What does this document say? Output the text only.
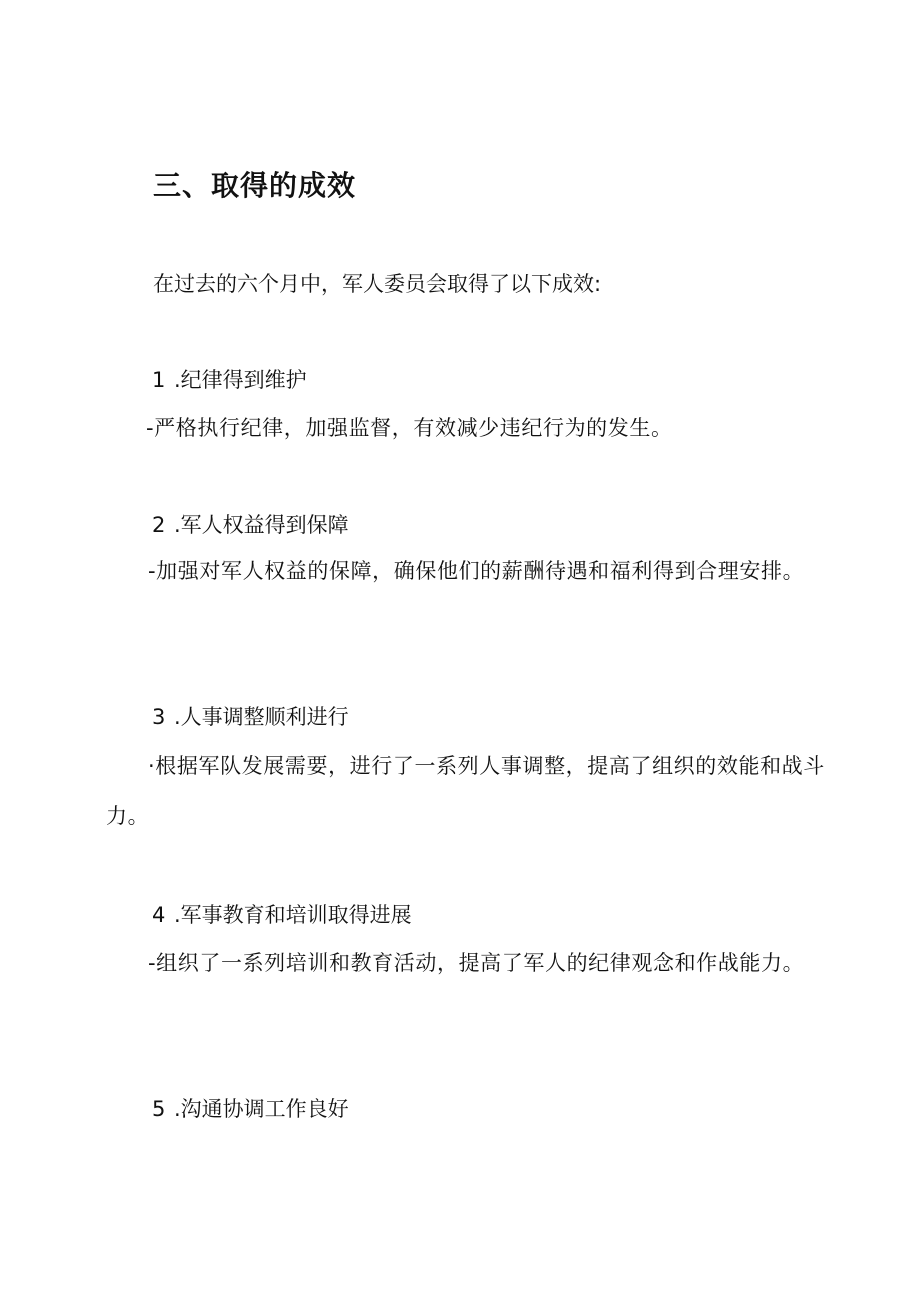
三、取得的成效
在过去的六个月中，军人委员会取得了以下成效:
1 .纪律得到维护
-严格执行纪律，加强监督，有效减少违纪行为的发生。
2 .军人权益得到保障
-加强对军人权益的保障，确保他们的薪酬待遇和福利得到合理安排。
3 .人事调整顺利进行
·根据军队发展需要，进行了一系列人事调整，提高了组织的效能和战斗力。
4 .军事教育和培训取得进展
-组织了一系列培训和教育活动，提高了军人的纪律观念和作战能力。
5 .沟通协调工作良好
